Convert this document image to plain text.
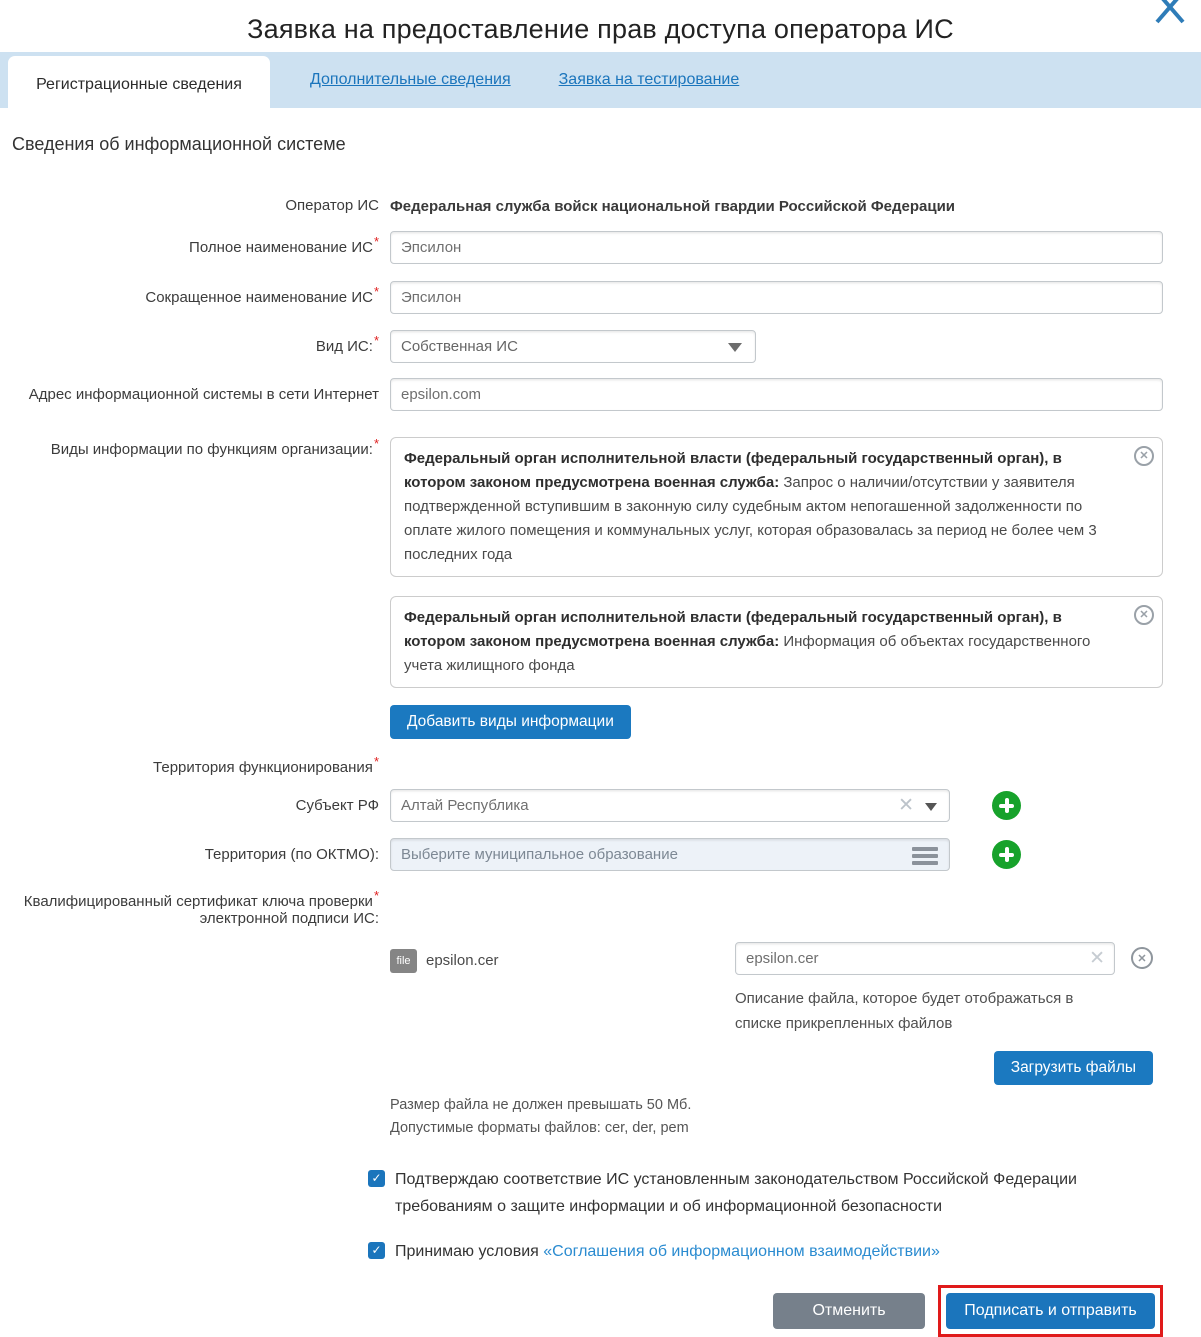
Заявка на предоставление прав доступа оператора ИС
Регистрационные сведения	Дополнительные сведения	Заявка на тестирование
Сведения об информационной системе
Оператор ИС Федеральная служба войск национальной гвардии Российской Федерации
Полное наименование ИС*
Эпсилон
Сокращенное наименование ИС*
Эпсилон
Вид ИС:*
Собственная ИС
Адрес информационной системы в сети Интернет
epsilon.com
Виды информации по функциям организации:*
Федеральный орган исполнительной власти (федеральный государственный орган), в котором законом предусмотрена военная служба: Запрос о наличии/отсутствии у заявителя подтвержденной вступившим в законную силу судебным актом непогашенной задолженности по оплате жилого помещения и коммунальных услуг, которая образовалась за период не более чем 3 последних года
✕
Федеральный орган исполнительной власти (федеральный государственный орган), в котором законом предусмотрена военная служба: Информация об объектах государственного учета жилищного фонда
✕
Добавить виды информации
Территория функционирования*
Субъект РФ
Алтай Республика	✕
Территория (по ОКТМО):
Выберите муниципальное образование
Квалифицированный сертификат ключа проверки*
электронной подписи ИС:
file	epsilon.cer
epsilon.cer	✕	✕
Описание файла, которое будет отображаться в списке прикрепленных файлов
Загрузить файлы
Размер файла не должен превышать 50 Мб.
Допустимые форматы файлов: cer, der, pem
✓ Подтверждаю соответствие ИС установленным законодательством Российской Федерации требованиям о защите информации и об информационной безопасности
✓ Принимаю условия «Соглашения об информационном взаимодействии»
Отменить	Подписать и отправить
